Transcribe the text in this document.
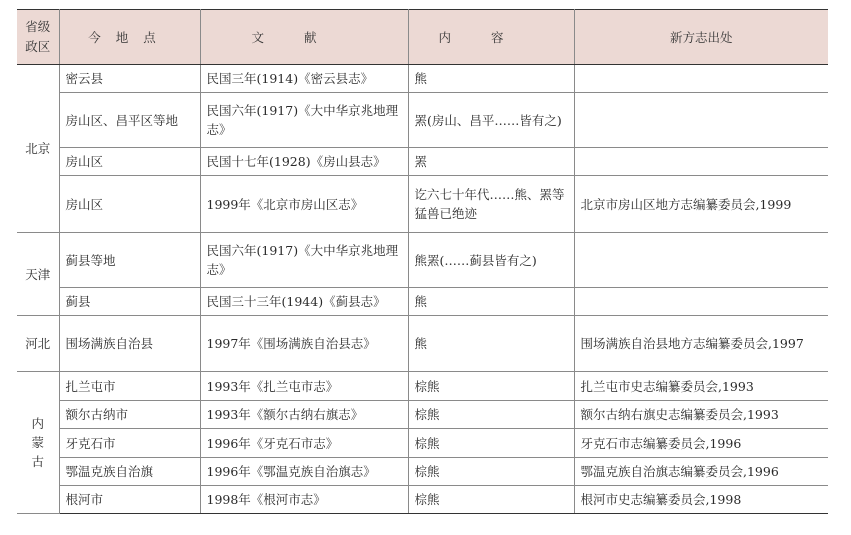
省级政区	今地点	文献	内容	新方志出处
北京	密云县	民国三年(1914)《密云县志》	熊	
	房山区、昌平区等地	民国六年(1917)《大中华京兆地理志》	罴(房山、昌平……皆有之)	
	房山区	民国十七年(1928)《房山县志》	罴	
	房山区	1999年《北京市房山区志》	讫六七十年代……熊、罴等猛兽已绝迹	北京市房山区地方志编纂委员会,1999
天津	蓟县等地	民国六年(1917)《大中华京兆地理志》	熊罴(……蓟县皆有之)	
	蓟县	民国三十三年(1944)《蓟县志》	熊	
河北	围场满族自治县	1997年《围场满族自治县志》	熊	围场满族自治县地方志编纂委员会,1997
内蒙古	扎兰屯市	1993年《扎兰屯市志》	棕熊	扎兰屯市史志编纂委员会,1993
	额尔古纳市	1993年《额尔古纳右旗志》	棕熊	额尔古纳右旗史志编纂委员会,1993
	牙克石市	1996年《牙克石市志》	棕熊	牙克石市志编纂委员会,1996
	鄂温克族自治旗	1996年《鄂温克族自治旗志》	棕熊	鄂温克族自治旗志编纂委员会,1996
	根河市	1998年《根河市志》	棕熊	根河市史志编纂委员会,1998
